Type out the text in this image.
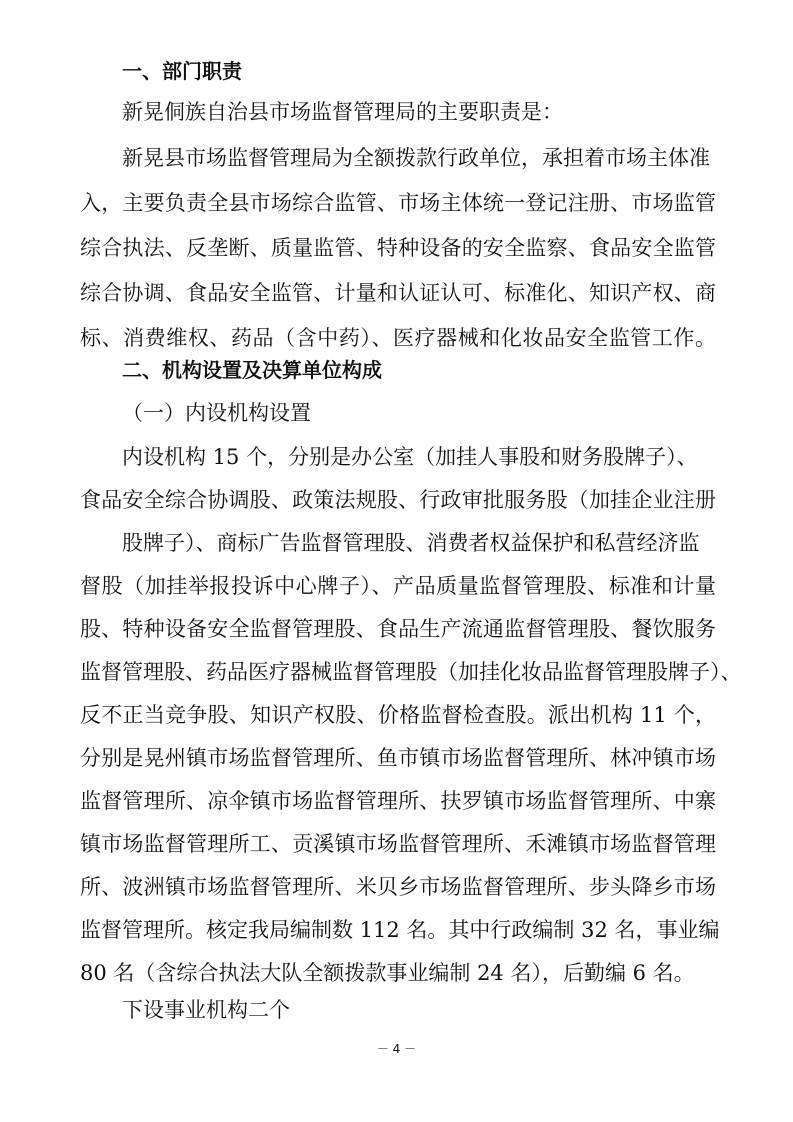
一、部门职责
新晃侗族自治县市场监督管理局的主要职责是：
新晃县市场监督管理局为全额拨款行政单位，承担着市场主体准
入，主要负责全县市场综合监管、市场主体统一登记注册、市场监管
综合执法、反垄断、质量监管、特种设备的安全监察、食品安全监管
综合协调、食品安全监管、计量和认证认可、标准化、知识产权、商
标、消费维权、药品（含中药）、医疗器械和化妆品安全监管工作。
二、机构设置及决算单位构成
（一）内设机构设置
内设机构 15 个，分别是办公室（加挂人事股和财务股牌子）、
食品安全综合协调股、政策法规股、行政审批服务股（加挂企业注册
股牌子）、商标广告监督管理股、消费者权益保护和私营经济监
督股（加挂举报投诉中心牌子）、产品质量监督管理股、标准和计量
股、特种设备安全监督管理股、食品生产流通监督管理股、餐饮服务
监督管理股、药品医疗器械监督管理股（加挂化妆品监督管理股牌子）、
反不正当竞争股、知识产权股、价格监督检查股。派出机构 11 个，
分别是晃州镇市场监督管理所、鱼市镇市场监督管理所、林冲镇市场
监督管理所、凉伞镇市场监督管理所、扶罗镇市场监督管理所、中寨
镇市场监督管理所工、贡溪镇市场监督管理所、禾滩镇市场监督管理
所、波洲镇市场监督管理所、米贝乡市场监督管理所、步头降乡市场
监督管理所。核定我局编制数 112 名。其中行政编制 32 名，事业编
80 名（含综合执法大队全额拨款事业编制 24 名），后勤编 6 名。
下设事业机构二个
－ 4 －
